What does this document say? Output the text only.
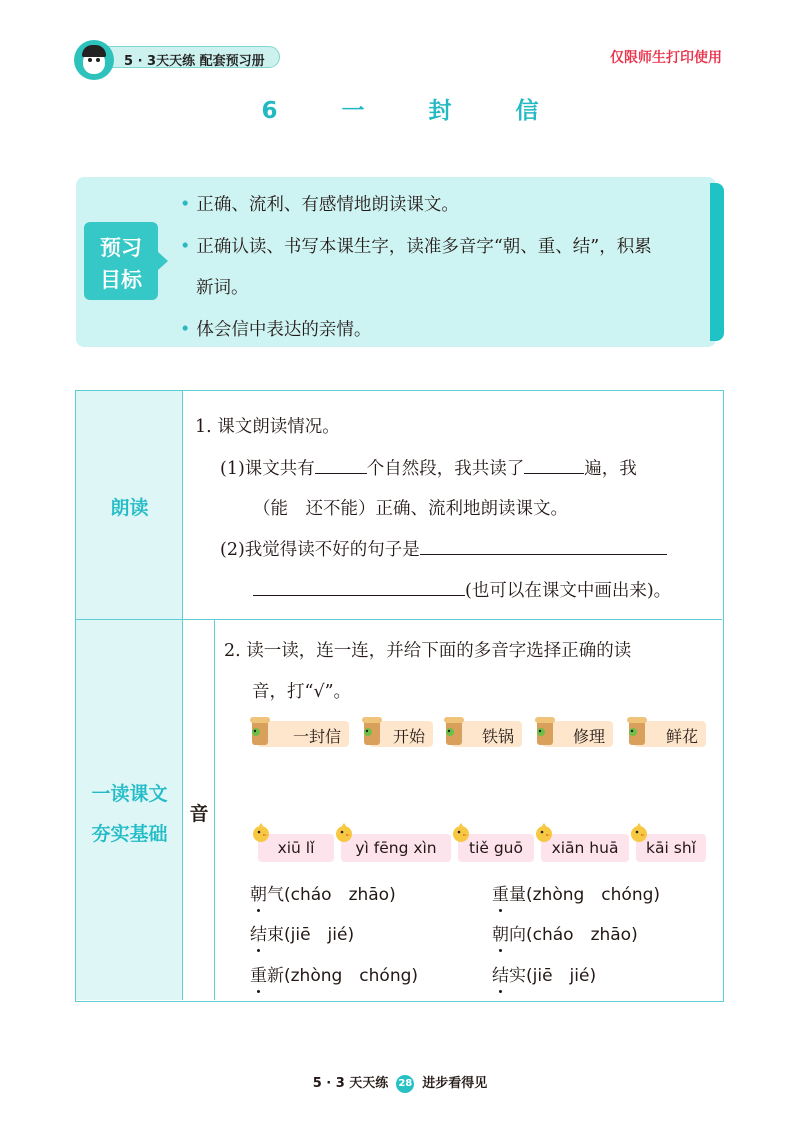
5 · 3天天练 配套预习册	仅限师生打印使用
6 一 封 信
预习
目标
• 正确、流利、有感情地朗读课文。
• 正确认读、书写本课生字，读准多音字“朝、重、结”，积累
新词。
• 体会信中表达的亲情。
朗读
一读课文
夯实基础
音
1. 课文朗读情况。
(1)课文共有	个自然段，我共读了	遍，我
（能　还不能）正确、流利地朗读课文。
(2)我觉得读不好的句子是
(也可以在课文中画出来)。
2. 读一读，连一连，并给下面的多音字选择正确的读
音，打“√”。
一封信	开始	铁锅	修理	鲜花
xiū lǐ	yì fēng xìn	tiě guō	xiān huā	kāi shǐ
朝气(cháo　zhāo)	重量(zhòng　chóng)
结束(jiē　jié)	朝向(cháo　zhāo)
重新(zhòng　chóng)	结实(jiē　jié)
5 · 3 天天练 28 进步看得见
